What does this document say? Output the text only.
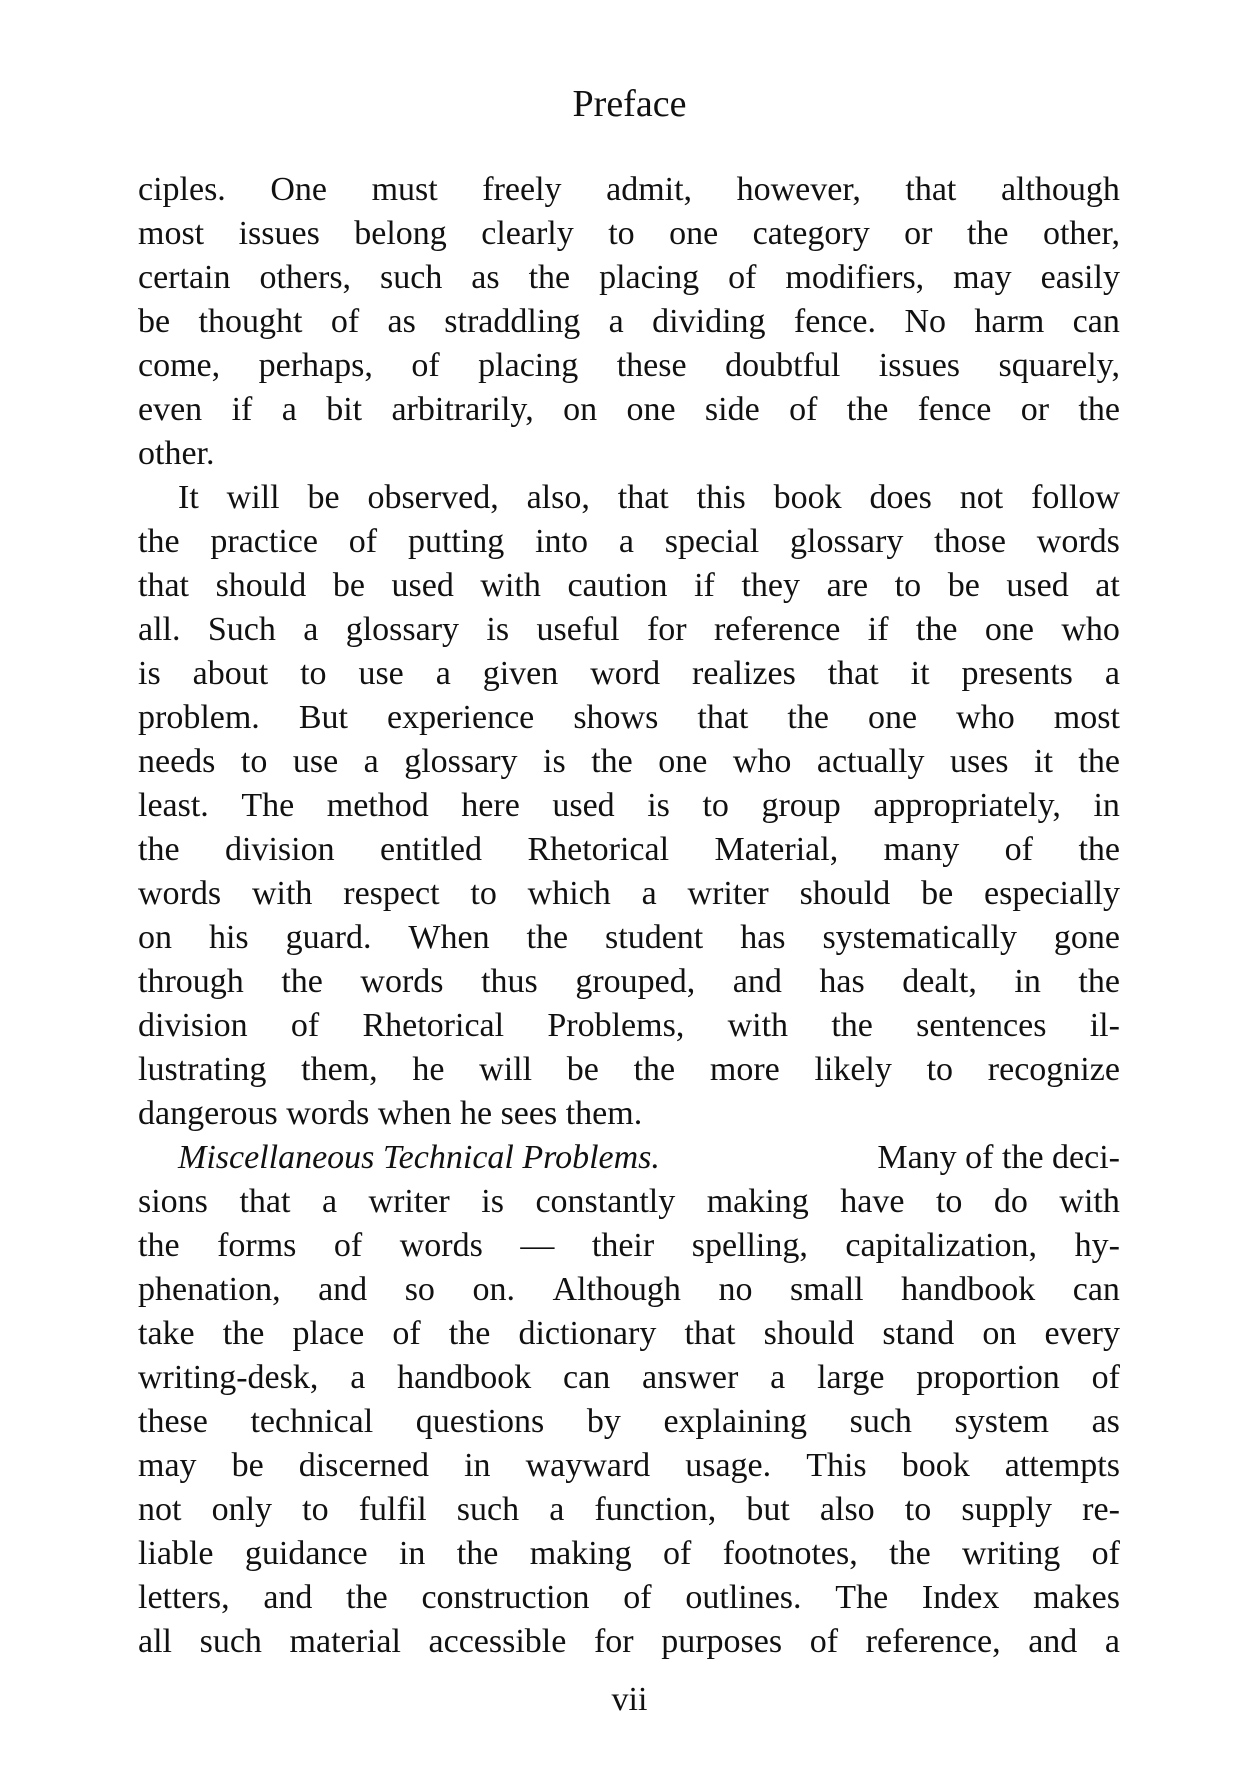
Preface
ciples. One must freely admit, however, that although
most issues belong clearly to one category or the other,
certain others, such as the placing of modifiers, may easily
be thought of as straddling a dividing fence. No harm can
come, perhaps, of placing these doubtful issues squarely,
even if a bit arbitrarily, on one side of the fence or the
other.
It will be observed, also, that this book does not follow
the practice of putting into a special glossary those words
that should be used with caution if they are to be used at
all. Such a glossary is useful for reference if the one who
is about to use a given word realizes that it presents a
problem. But experience shows that the one who most
needs to use a glossary is the one who actually uses it the
least. The method here used is to group appropriately, in
the division entitled Rhetorical Material, many of the
words with respect to which a writer should be especially
on his guard. When the student has systematically gone
through the words thus grouped, and has dealt, in the
division of Rhetorical Problems, with the sentences il-
lustrating them, he will be the more likely to recognize
dangerous words when he sees them.
Miscellaneous Technical Problems.	Many of the deci-
sions that a writer is constantly making have to do with
the forms of words — their spelling, capitalization, hy-
phenation, and so on. Although no small handbook can
take the place of the dictionary that should stand on every
writing-desk, a handbook can answer a large proportion of
these technical questions by explaining such system as
may be discerned in wayward usage. This book attempts
not only to fulfil such a function, but also to supply re-
liable guidance in the making of footnotes, the writing of
letters, and the construction of outlines. The Index makes
all such material accessible for purposes of reference, and a
vii
